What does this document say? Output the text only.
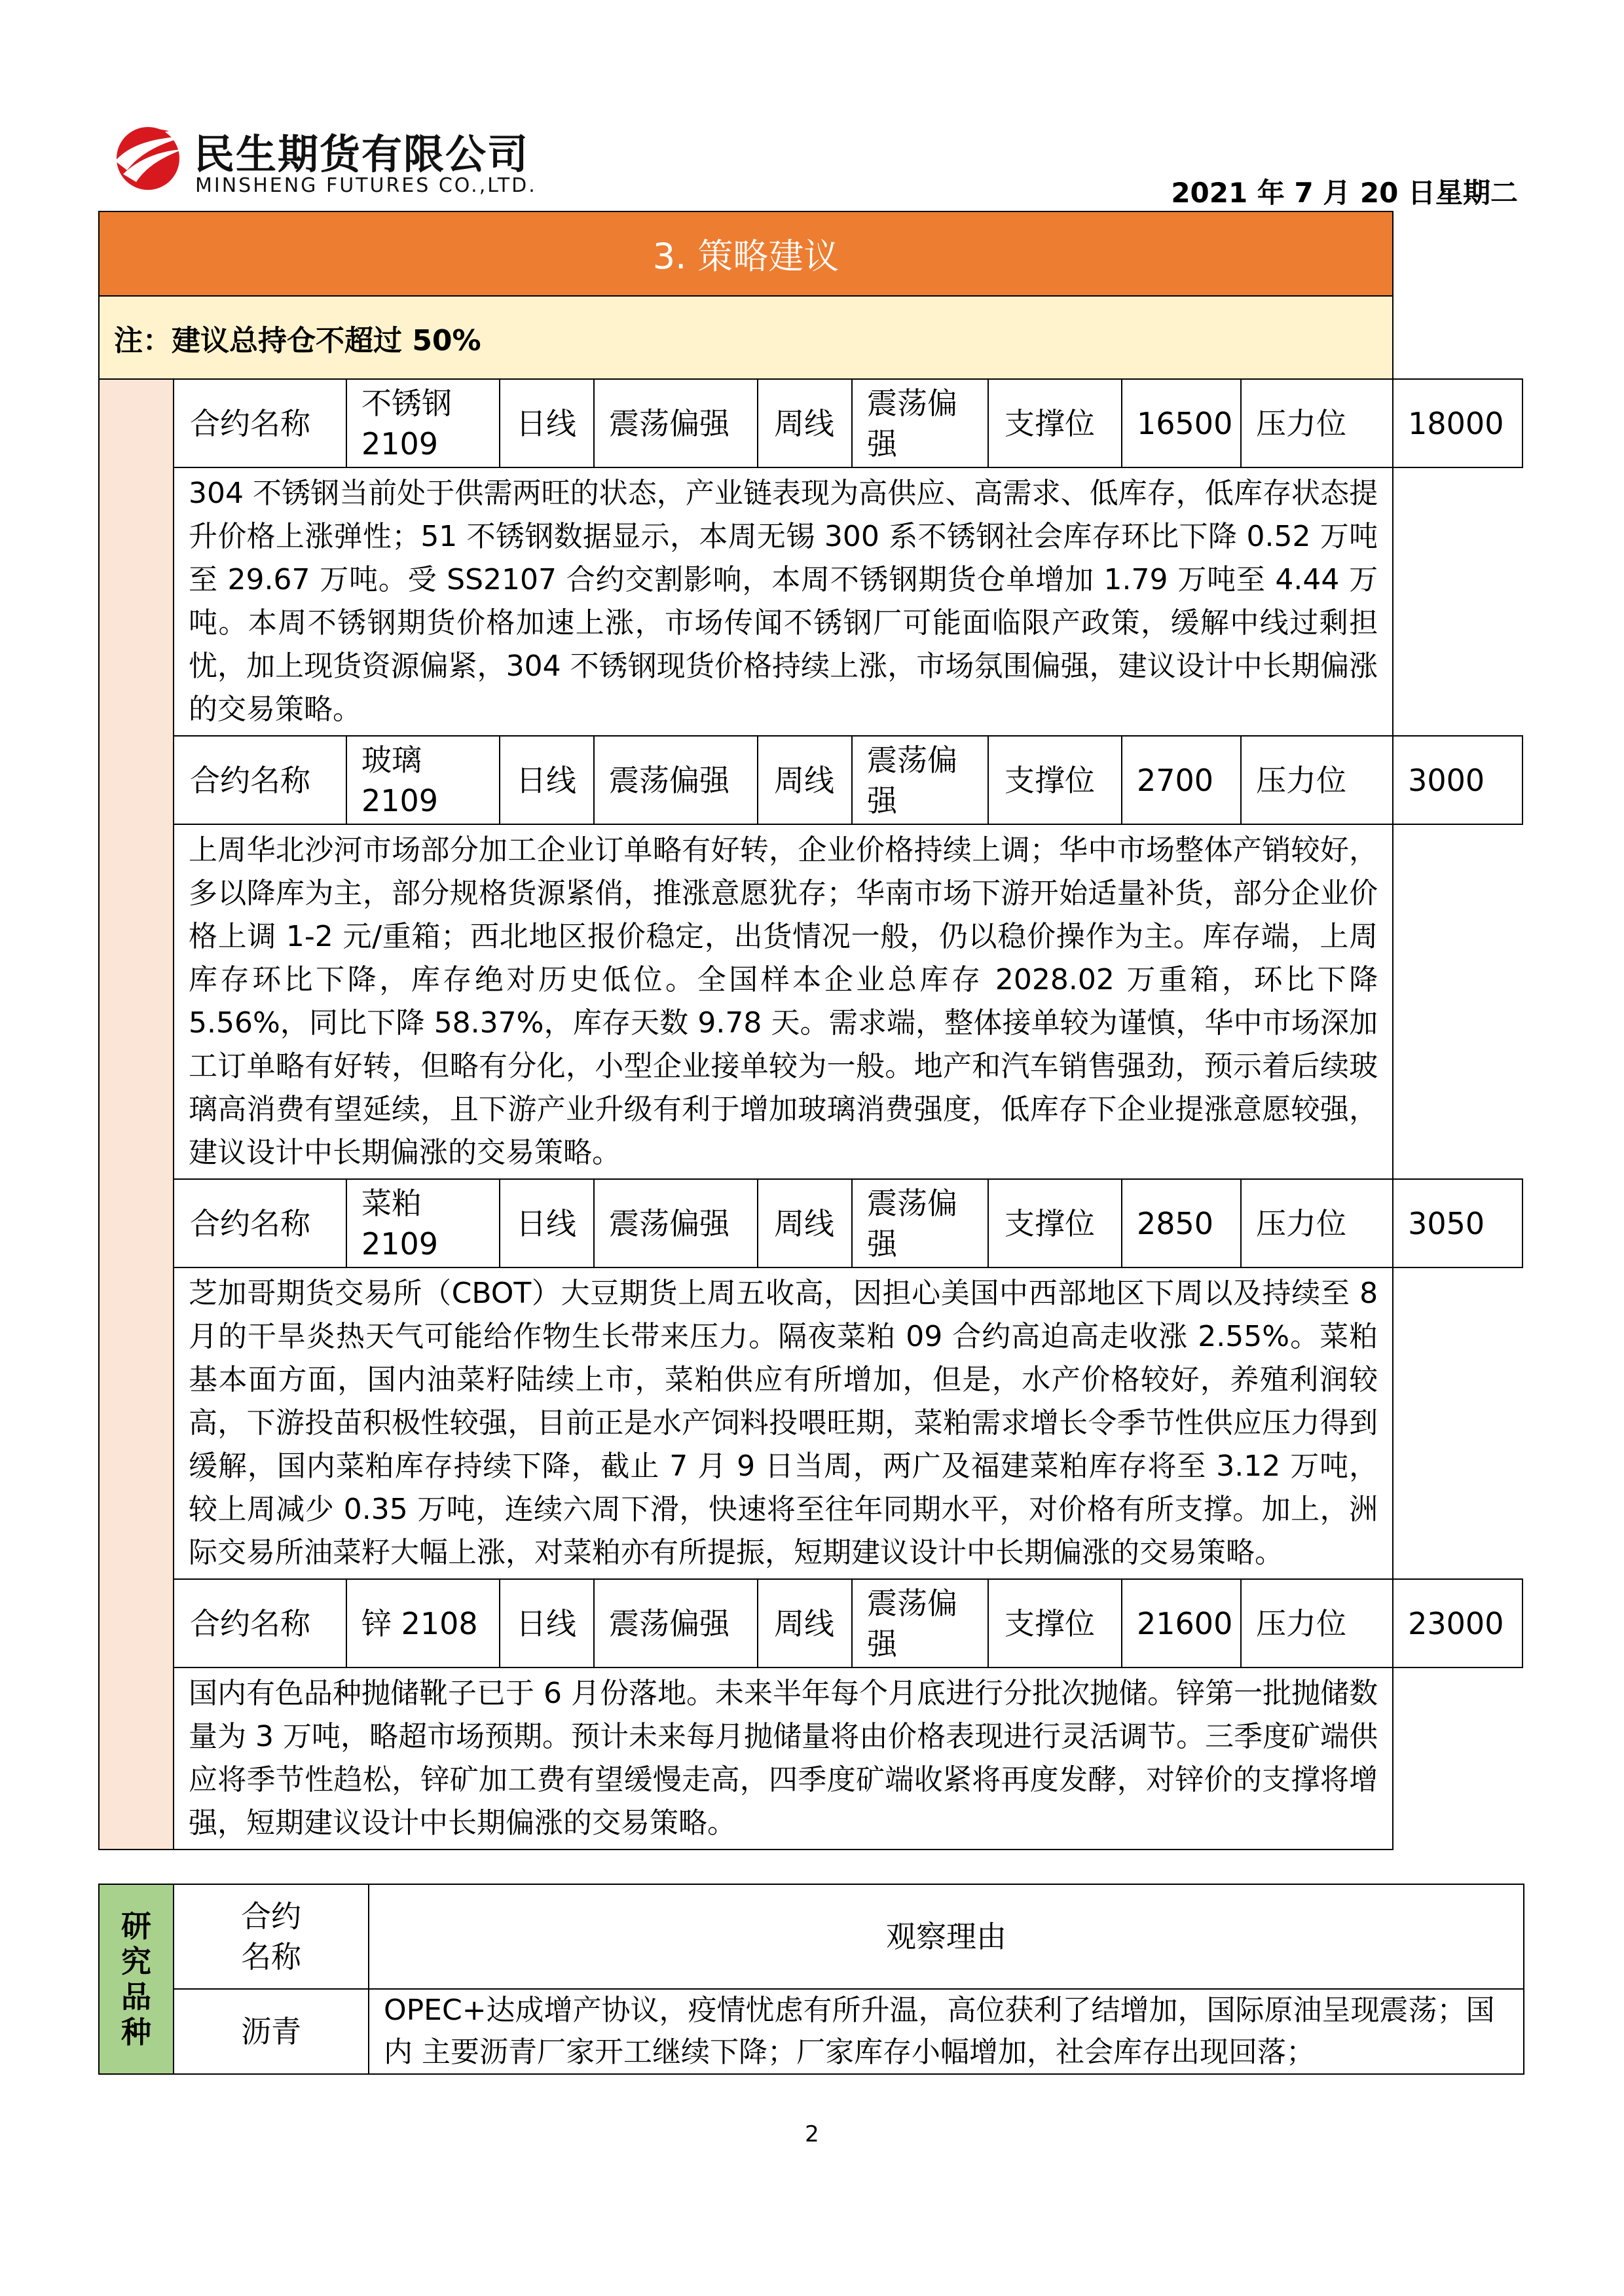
民生期货有限公司
MINSHENG FUTURES CO.,LTD.	2021 年 7 月 20 日星期二
3. 策略建议										
注：建议总持仓不超过 50%										
	合约名称	不锈钢 2109	日线	震荡偏强	周线	震荡偏强	支撑位	16500	压力位	18000
	304 不锈钢当前处于供需两旺的状态，产业链表现为高供应、高需求、低库存，低库存状态提升价格上涨弹性；51 不锈钢数据显示，本周无锡 300 系不锈钢社会库存环比下降 0.52 万吨至 29.67 万吨。受 SS2107 合约交割影响，本周不锈钢期货仓单增加 1.79 万吨至 4.44 万吨。本周不锈钢期货价格加速上涨，市场传闻不锈钢厂可能面临限产政策，缓解中线过剩担忧，加上现货资源偏紧，304 不锈钢现货价格持续上涨，市场氛围偏强，建议设计中长期偏涨的交易策略。									
	合约名称	玻璃 2109	日线	震荡偏强	周线	震荡偏强	支撑位	2700	压力位	3000
	上周华北沙河市场部分加工企业订单略有好转，企业价格持续上调；华中市场整体产销较好，多以降库为主，部分规格货源紧俏，推涨意愿犹存；华南市场下游开始适量补货，部分企业价格上调 1-2 元/重箱；西北地区报价稳定，出货情况一般，仍以稳价操作为主。库存端，上周库存环比下降，库存绝对历史低位。全国样本企业总库存 2028.02 万重箱，环比下降 5.56%，同比下降 58.37%，库存天数 9.78 天。需求端，整体接单较为谨慎，华中市场深加工订单略有好转，但略有分化，小型企业接单较为一般。地产和汽车销售强劲，预示着后续玻璃高消费有望延续，且下游产业升级有利于增加玻璃消费强度，低库存下企业提涨意愿较强，建议设计中长期偏涨的交易策略。									
	合约名称	菜粕 2109	日线	震荡偏强	周线	震荡偏强	支撑位	2850	压力位	3050
	芝加哥期货交易所（CBOT）大豆期货上周五收高，因担心美国中西部地区下周以及持续至 8 月的干旱炎热天气可能给作物生长带来压力。隔夜菜粕 09 合约高迫高走收涨 2.55%。菜粕基本面方面，国内油菜籽陆续上市，菜粕供应有所增加，但是，水产价格较好，养殖利润较高，下游投苗积极性较强，目前正是水产饲料投喂旺期，菜粕需求增长令季节性供应压力得到缓解，国内菜粕库存持续下降，截止 7 月 9 日当周，两广及福建菜粕库存将至 3.12 万吨，较上周减少 0.35 万吨，连续六周下滑，快速将至往年同期水平，对价格有所支撑。加上，洲际交易所油菜籽大幅上涨，对菜粕亦有所提振，短期建议设计中长期偏涨的交易策略。									
	合约名称	锌 2108	日线	震荡偏强	周线	震荡偏强	支撑位	21600	压力位	23000
	国内有色品种抛储靴子已于 6 月份落地。未来半年每个月底进行分批次抛储。锌第一批抛储数量为 3 万吨，略超市场预期。预计未来每月抛储量将由价格表现进行灵活调节。三季度矿端供应将季节性趋松，锌矿加工费有望缓慢走高，四季度矿端收紧将再度发酵，对锌价的支撑将增强，短期建议设计中长期偏涨的交易策略。									
研究品种	合约名称	观察理由
	沥青	OPEC+达成增产协议，疫情忧虑有所升温，高位获利了结增加，国际原油呈现震荡；国内 主要沥青厂家开工继续下降；厂家库存小幅增加，社会库存出现回落；
2
